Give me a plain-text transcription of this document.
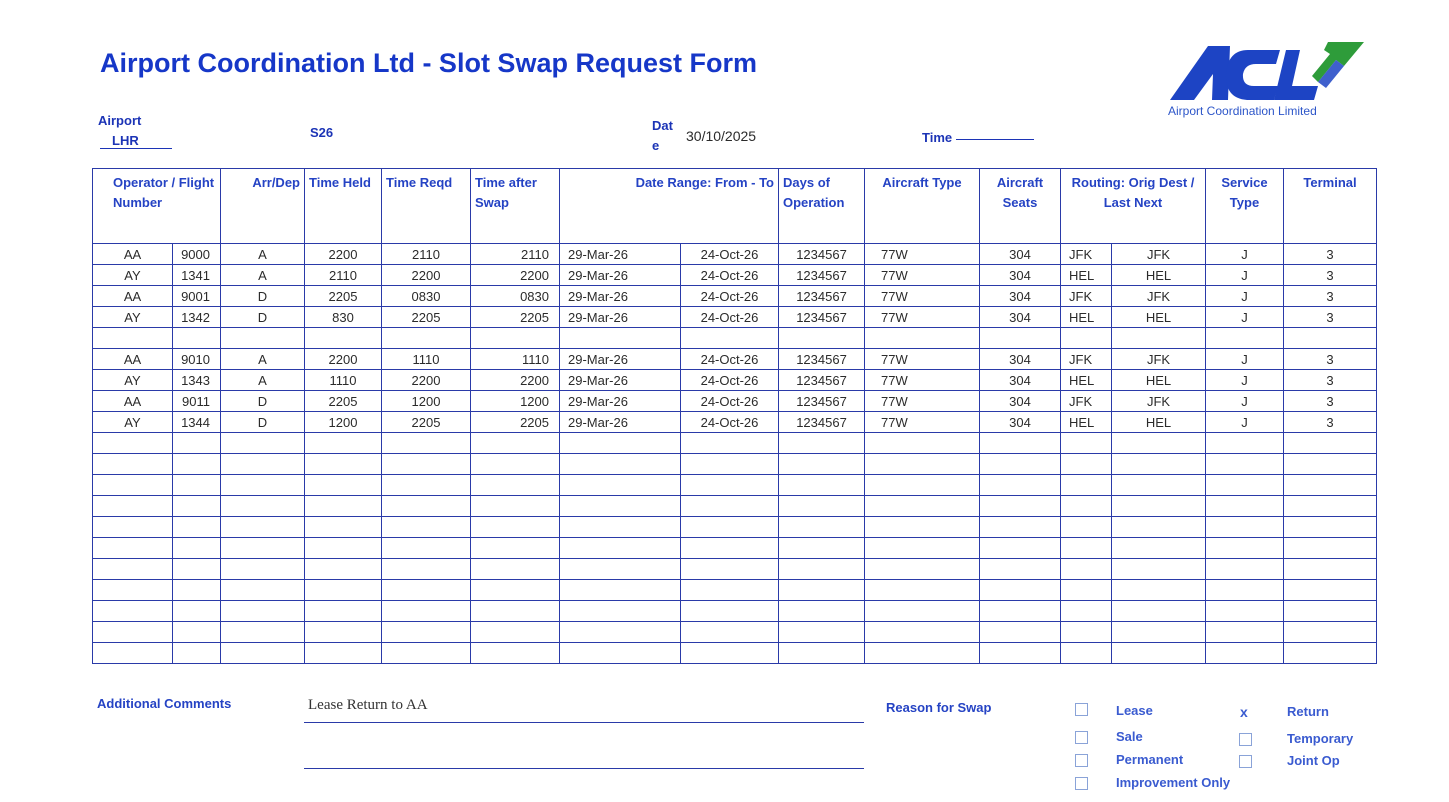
Airport Coordination Ltd - Slot Swap Request Form
Airport Coordination Limited
Airport
LHR
S26	Dat
e
30/10/2025	Time
Operator / Flight Number		Arr/Dep	Time Held	Time Reqd	Time after Swap	Date Range: From - To		Days of Operation	Aircraft Type	Aircraft Seats	Routing: Orig Dest / Last Next		Service Type	Terminal
AA	9000	A	2200	2110	2110	29-Mar-26	24-Oct-26	1234567	77W	304	JFK	JFK	J	3
AY	1341	A	2110	2200	2200	29-Mar-26	24-Oct-26	1234567	77W	304	HEL	HEL	J	3
AA	9001	D	2205	0830	0830	29-Mar-26	24-Oct-26	1234567	77W	304	JFK	JFK	J	3
AY	1342	D	830	2205	2205	29-Mar-26	24-Oct-26	1234567	77W	304	HEL	HEL	J	3

AA	9010	A	2200	1110	1110	29-Mar-26	24-Oct-26	1234567	77W	304	JFK	JFK	J	3
AY	1343	A	1110	2200	2200	29-Mar-26	24-Oct-26	1234567	77W	304	HEL	HEL	J	3
AA	9011	D	2205	1200	1200	29-Mar-26	24-Oct-26	1234567	77W	304	JFK	JFK	J	3
AY	1344	D	1200	2205	2205	29-Mar-26	24-Oct-26	1234567	77W	304	HEL	HEL	J	3

Additional Comments	Lease Return to AA	Reason for Swap	Lease
Sale
Permanent
Improvement Only
x	Return
Temporary
Joint Op
